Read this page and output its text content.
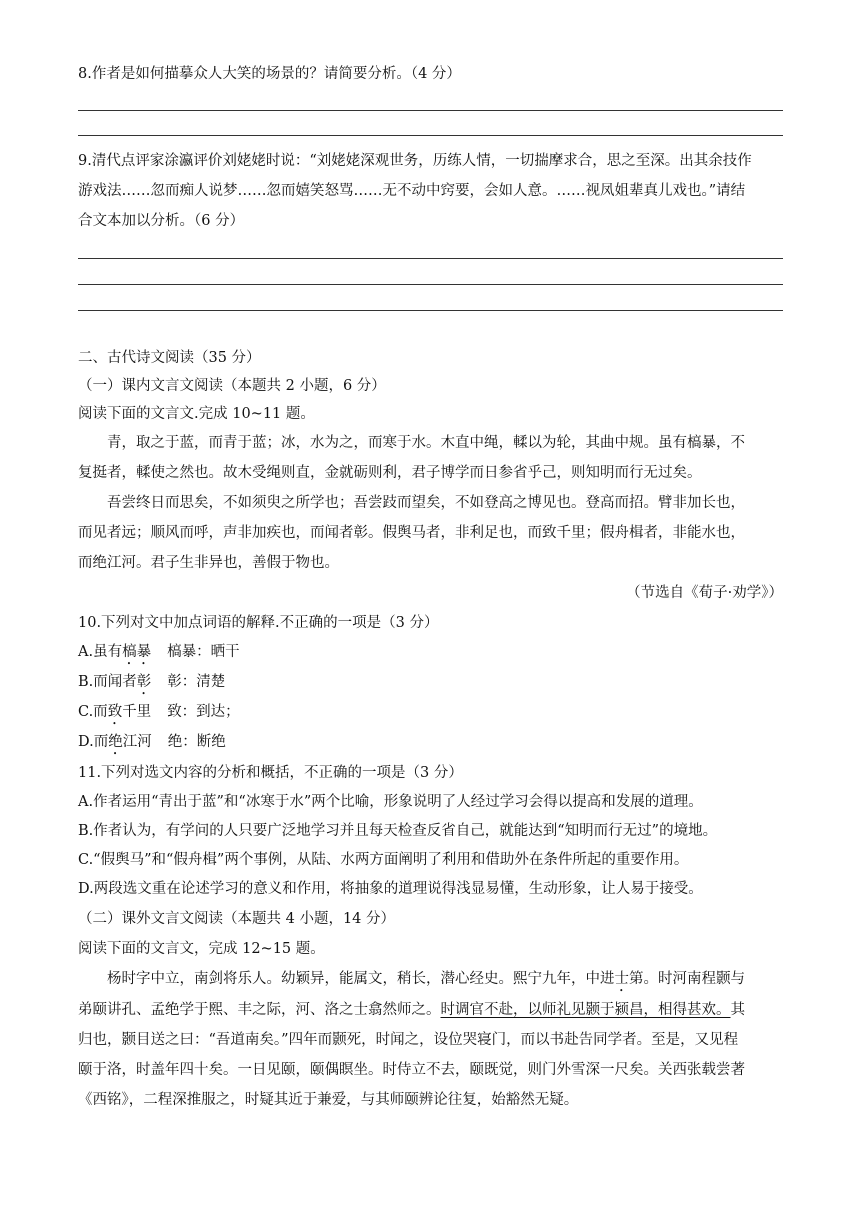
8.作者是如何描摹众人大笑的场景的？请简要分析。（4 分）

9.清代点评家涂瀛评价刘姥姥时说：“刘姥姥深观世务，历练人情，一切揣摩求合，思之至深。出其余技作

游戏法……忽而痴人说梦……忽而嬉笑怒骂……无不动中窍要，会如人意。……视凤姐辈真儿戏也。”请结

合文本加以分析。（6 分）

二、古代诗文阅读（35 分）

（一）课内文言文阅读（本题共 2 小题，6 分）

阅读下面的文言文.完成 10~11 题。

青，取之于蓝，而青于蓝；冰，水为之，而寒于水。木直中绳，輮以为轮，其曲中规。虽有槁暴，不

复挺者，輮使之然也。故木受绳则直，金就砺则利，君子博学而日参省乎己，则知明而行无过矣。

吾尝终日而思矣，不如须臾之所学也；吾尝跂而望矣，不如登高之博见也。登高而招。臂非加长也，

而见者远；顺风而呼，声非加疾也，而闻者彰。假舆马者，非利足也，而致千里；假舟楫者，非能水也，

而绝江河。君子生非异也，善假于物也。

（节选自《荀子·劝学》）

10.下列对文中加点词语的解释.不正确的一项是（3 分）

A.虽有槁暴 槁暴：晒干
B.而闻者彰 彰：清楚
C.而致千里 致：到达；
D.而绝江河 绝：断绝

11.下列对选文内容的分析和概括，不正确的一项是（3 分）

A.作者运用“青出于蓝”和“冰寒于水”两个比喻，形象说明了人经过学习会得以提高和发展的道理。
B.作者认为，有学问的人只要广泛地学习并且每天检查反省自己，就能达到“知明而行无过”的境地。
C.“假舆马”和“假舟楫”两个事例，从陆、水两方面阐明了利用和借助外在条件所起的重要作用。
D.两段选文重在论述学习的意义和作用，将抽象的道理说得浅显易懂，生动形象，让人易于接受。

（二）课外文言文阅读（本题共 4 小题，14 分）

阅读下面的文言文，完成 12~15 题。

杨时字中立，南剑将乐人。幼颖异，能属文，稍长，潜心经史。熙宁九年，中进士第。时河南程颢与

弟颐讲孔、孟绝学于熙、丰之际，河、洛之士翕然师之。时调官不赴，以师礼见颢于颍昌，相得甚欢。其

归也，颢目送之曰：“吾道南矣。”四年而颢死，时闻之，设位哭寝门，而以书赴告同学者。至是，又见程

颐于洛，时盖年四十矣。一日见颐，颐偶瞑坐。时侍立不去，颐既觉，则门外雪深一尺矣。关西张载尝著

《西铭》，二程深推服之，时疑其近于兼爱，与其师颐辨论往复，始豁然无疑。
